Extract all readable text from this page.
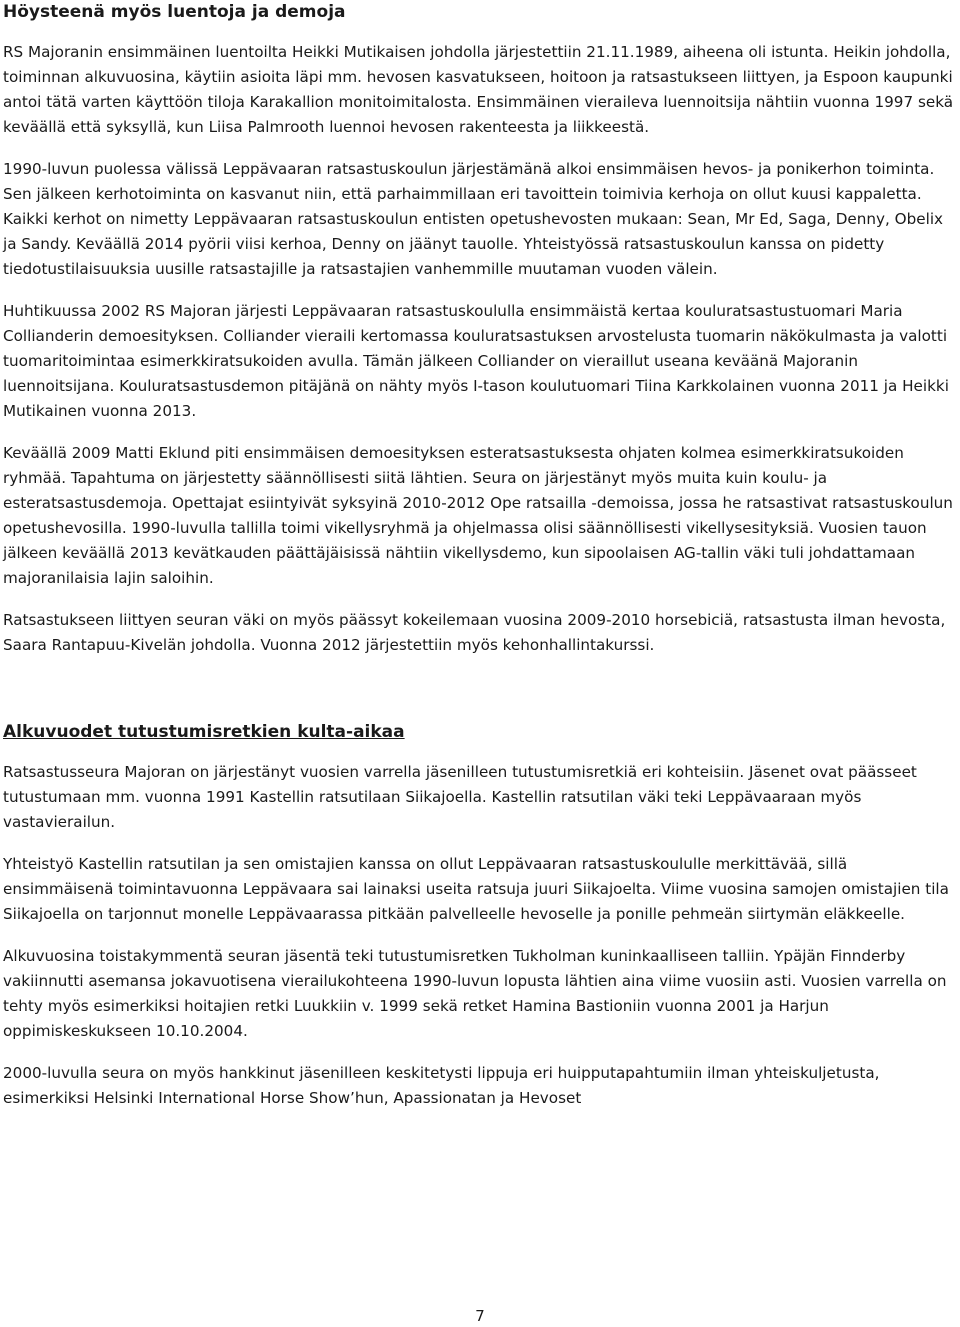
Höysteenä myös luentoja ja demoja

RS Majoranin ensimmäinen luentoilta Heikki Mutikaisen johdolla järjestettiin 21.11.1989, aiheena oli istunta. Heikin johdolla, toiminnan alkuvuosina, käytiin asioita läpi mm. hevosen kasvatukseen, hoitoon ja ratsastukseen liittyen, ja Espoon kaupunki antoi tätä varten käyttöön tiloja Karakallion monitoimitalosta. Ensimmäinen vieraileva luennoitsija nähtiin vuonna 1997 sekä keväällä että syksyllä, kun Liisa Palmrooth luennoi hevosen rakenteesta ja liikkeestä.

1990-luvun puolessa välissä Leppävaaran ratsastuskoulun järjestämänä alkoi ensimmäisen hevos- ja ponikerhon toiminta. Sen jälkeen kerhotoiminta on kasvanut niin, että parhaimmillaan eri tavoittein toimivia kerhoja on ollut kuusi kappaletta. Kaikki kerhot on nimetty Leppävaaran ratsastuskoulun entisten opetushevosten mukaan: Sean, Mr Ed, Saga, Denny, Obelix ja Sandy. Keväällä 2014 pyörii viisi kerhoa, Denny on jäänyt tauolle. Yhteistyössä ratsastuskoulun kanssa on pidetty tiedotustilaisuuksia uusille ratsastajille ja ratsastajien vanhemmille muutaman vuoden välein.

Huhtikuussa 2002 RS Majoran järjesti Leppävaaran ratsastuskoululla ensimmäistä kertaa kouluratsastustuomari Maria Collianderin demoesityksen. Colliander vieraili kertomassa kouluratsastuksen arvostelusta tuomarin näkökulmasta ja valotti tuomaritoimintaa esimerkkiratsukoiden avulla. Tämän jälkeen Colliander on vieraillut useana keväänä Majoranin luennoitsijana. Kouluratsastusdemon pitäjänä on nähty myös I-tason koulutuomari Tiina Karkkolainen vuonna 2011 ja Heikki Mutikainen vuonna 2013.

Keväällä 2009 Matti Eklund piti ensimmäisen demoesityksen esteratsastuksesta ohjaten kolmea esimerkkiratsukoiden ryhmää. Tapahtuma on järjestetty säännöllisesti siitä lähtien. Seura on järjestänyt myös muita kuin koulu- ja esteratsastusdemoja. Opettajat esiintyivät syksyinä 2010-2012 Ope ratsailla -demoissa, jossa he ratsastivat ratsastuskoulun opetushevosilla. 1990-luvulla tallilla toimi vikellysryhmä ja ohjelmassa olisi säännöllisesti vikellysesityksiä. Vuosien tauon jälkeen keväällä 2013 kevätkauden päättäjäisissä nähtiin vikellysdemo, kun sipoolaisen AG-tallin väki tuli johdattamaan majoranilaisia lajin saloihin.

Ratsastukseen liittyen seuran väki on myös päässyt kokeilemaan vuosina 2009-2010 horsebiciä, ratsastusta ilman hevosta, Saara Rantapuu-Kivelän johdolla. Vuonna 2012 järjestettiin myös kehonhallintakurssi.

Alkuvuodet tutustumisretkien kulta-aikaa

Ratsastusseura Majoran on järjestänyt vuosien varrella jäsenilleen tutustumisretkiä eri kohteisiin. Jäsenet ovat päässeet tutustumaan mm. vuonna 1991 Kastellin ratsutilaan Siikajoella. Kastellin ratsutilan väki teki Leppävaaraan myös vastavierailun.

Yhteistyö Kastellin ratsutilan ja sen omistajien kanssa on ollut Leppävaaran ratsastuskoululle merkittävää, sillä ensimmäisenä toimintavuonna Leppävaara sai lainaksi useita ratsuja juuri Siikajoelta. Viime vuosina samojen omistajien tila Siikajoella on tarjonnut monelle Leppävaarassa pitkään palvelleelle hevoselle ja ponille pehmeän siirtymän eläkkeelle.

Alkuvuosina toistakymmentä seuran jäsentä teki tutustumisretken Tukholman kuninkaalliseen talliin. Ypäjän Finnderby vakiinnutti asemansa jokavuotisena vierailukohteena 1990-luvun lopusta lähtien aina viime vuosiin asti. Vuosien varrella on tehty myös esimerkiksi hoitajien retki Luukkiin v. 1999 sekä retket Hamina Bastioniin vuonna 2001 ja Harjun oppimiskeskukseen 10.10.2004.

2000-luvulla seura on myös hankkinut jäsenilleen keskitetysti lippuja eri huipputapahtumiin ilman yhteiskuljetusta, esimerkiksi Helsinki International Horse Show’hun, Apassionatan ja Hevoset

7
